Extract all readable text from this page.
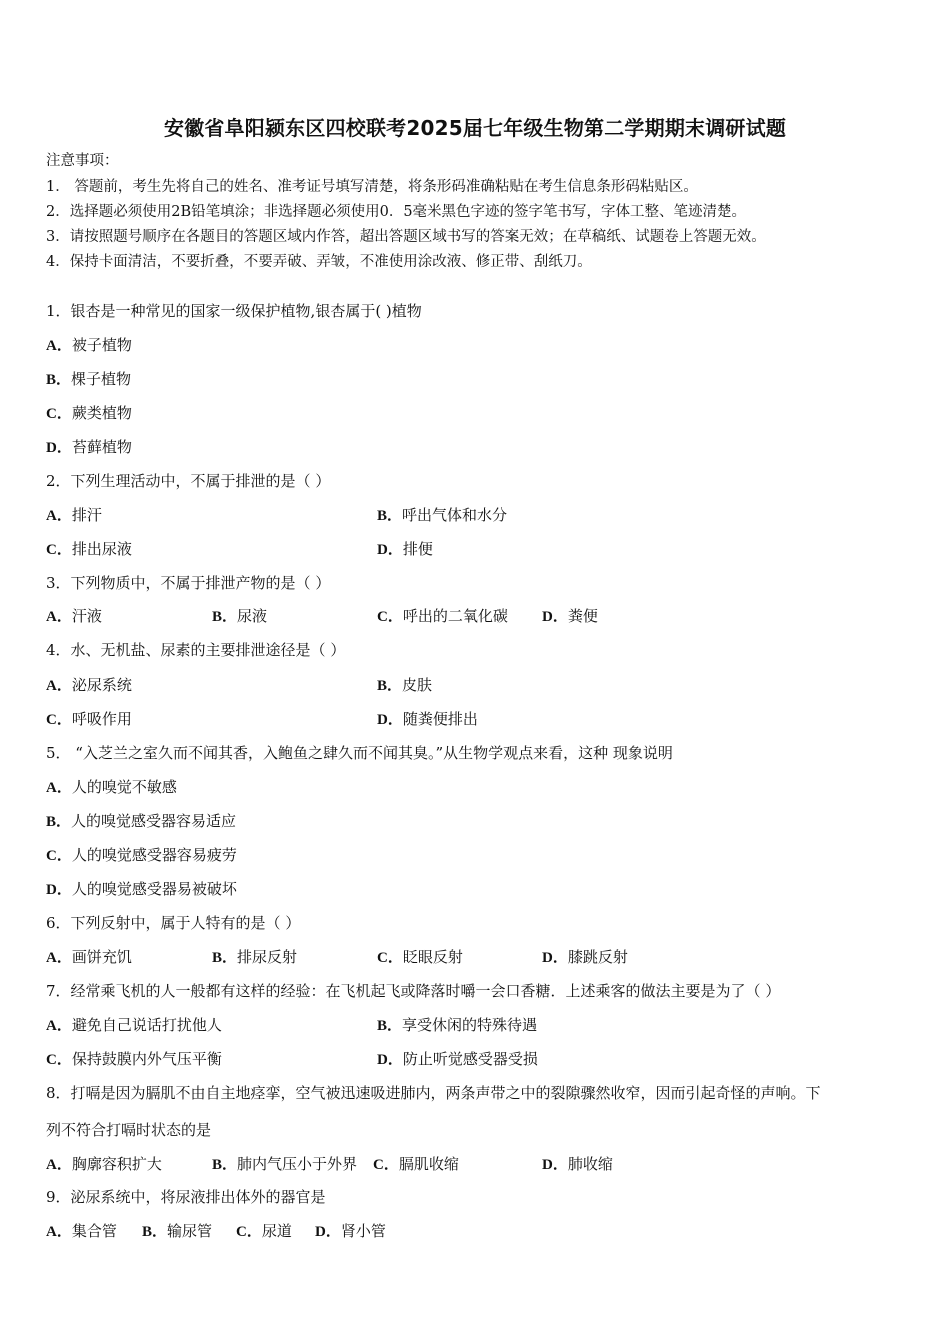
安徽省阜阳颍东区四校联考2025届七年级生物第二学期期末调研试题
注意事项：
1． 答题前，考生先将自己的姓名、准考证号填写清楚，将条形码准确粘贴在考生信息条形码粘贴区。
2．选择题必须使用2B铅笔填涂；非选择题必须使用0．5毫米黑色字迹的签字笔书写，字体工整、笔迹清楚。
3．请按照题号顺序在各题目的答题区域内作答，超出答题区域书写的答案无效；在草稿纸、试题卷上答题无效。
4．保持卡面清洁，不要折叠，不要弄破、弄皱，不准使用涂改液、修正带、刮纸刀。
1．银杏是一种常见的国家一级保护植物,银杏属于( )植物
A．被子植物
B．棵子植物
C．蕨类植物
D．苔藓植物
2．下列生理活动中，不属于排泄的是（ ）
A．排汗	B．呼出气体和水分
C．排出尿液	D．排便
3．下列物质中，不属于排泄产物的是（ ）
A．汗液	B．尿液	C．呼出的二氧化碳 D．粪便
4．水、无机盐、尿素的主要排泄途径是（ ）
A．泌尿系统	B．皮肤
C．呼吸作用	D．随粪便排出
5． “入芝兰之室久而不闻其香，入鲍鱼之肆久而不闻其臭。”从生物学观点来看，这种 现象说明
A．人的嗅觉不敏感
B．人的嗅觉感受器容易适应
C．人的嗅觉感受器容易疲劳
D．人的嗅觉感受器易被破坏
6．下列反射中，属于人特有的是（ ）
A．画饼充饥	B．排尿反射	C．眨眼反射	D．膝跳反射
7．经常乘飞机的人一般都有这样的经验：在飞机起飞或降落时嚼一会口香糖．上述乘客的做法主要是为了（ ）
A．避免自己说话打扰他人	B．享受休闲的特殊待遇
C．保持鼓膜内外气压平衡	D．防止听觉感受器受损
8．打嗝是因为膈肌不由自主地痉挛，空气被迅速吸进肺内，两条声带之中的裂隙骤然收窄，因而引起奇怪的声响。下
列不符合打嗝时状态的是
A．胸廓容积扩大	B．肺内气压小于外界 C．膈肌收缩	D．肺收缩
9．泌尿系统中，将尿液排出体外的器官是
A．集合管 B．输尿管 C．尿道 D．肾小管
